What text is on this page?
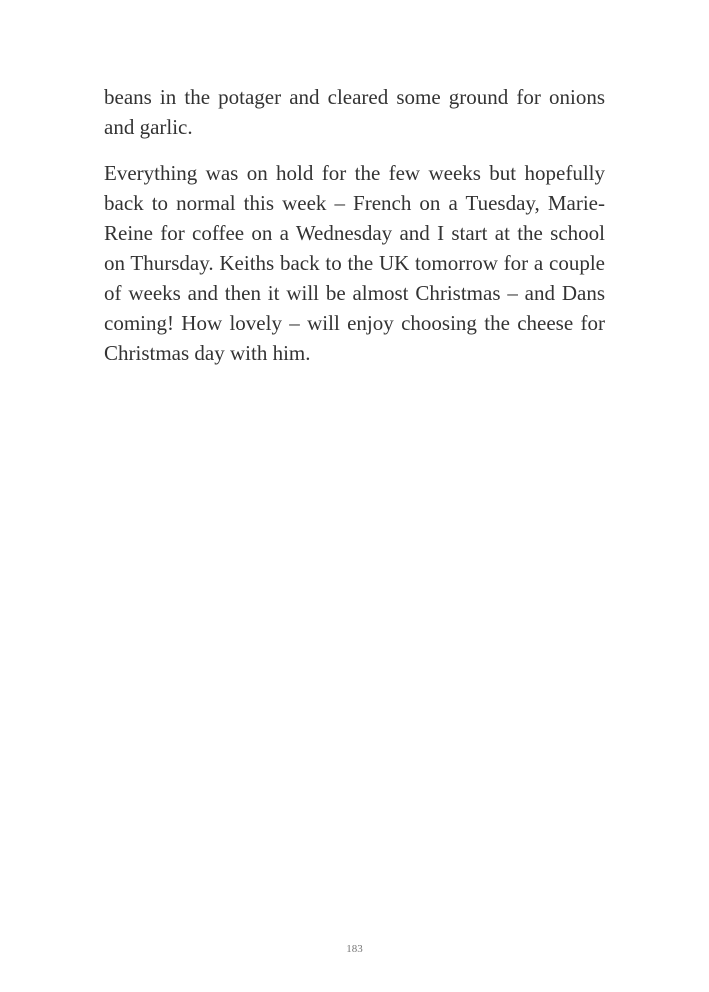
beans in the potager and cleared some ground for onions and garlic.

Everything was on hold for the few weeks but hopefully back to normal this week – French on a Tuesday, Marie-Reine for coffee on a Wednesday and I start at the school on Thursday. Keiths back to the UK tomorrow for a couple of weeks and then it will be almost Christmas – and Dans coming! How lovely – will enjoy choosing the cheese for Christmas day with him.

183
